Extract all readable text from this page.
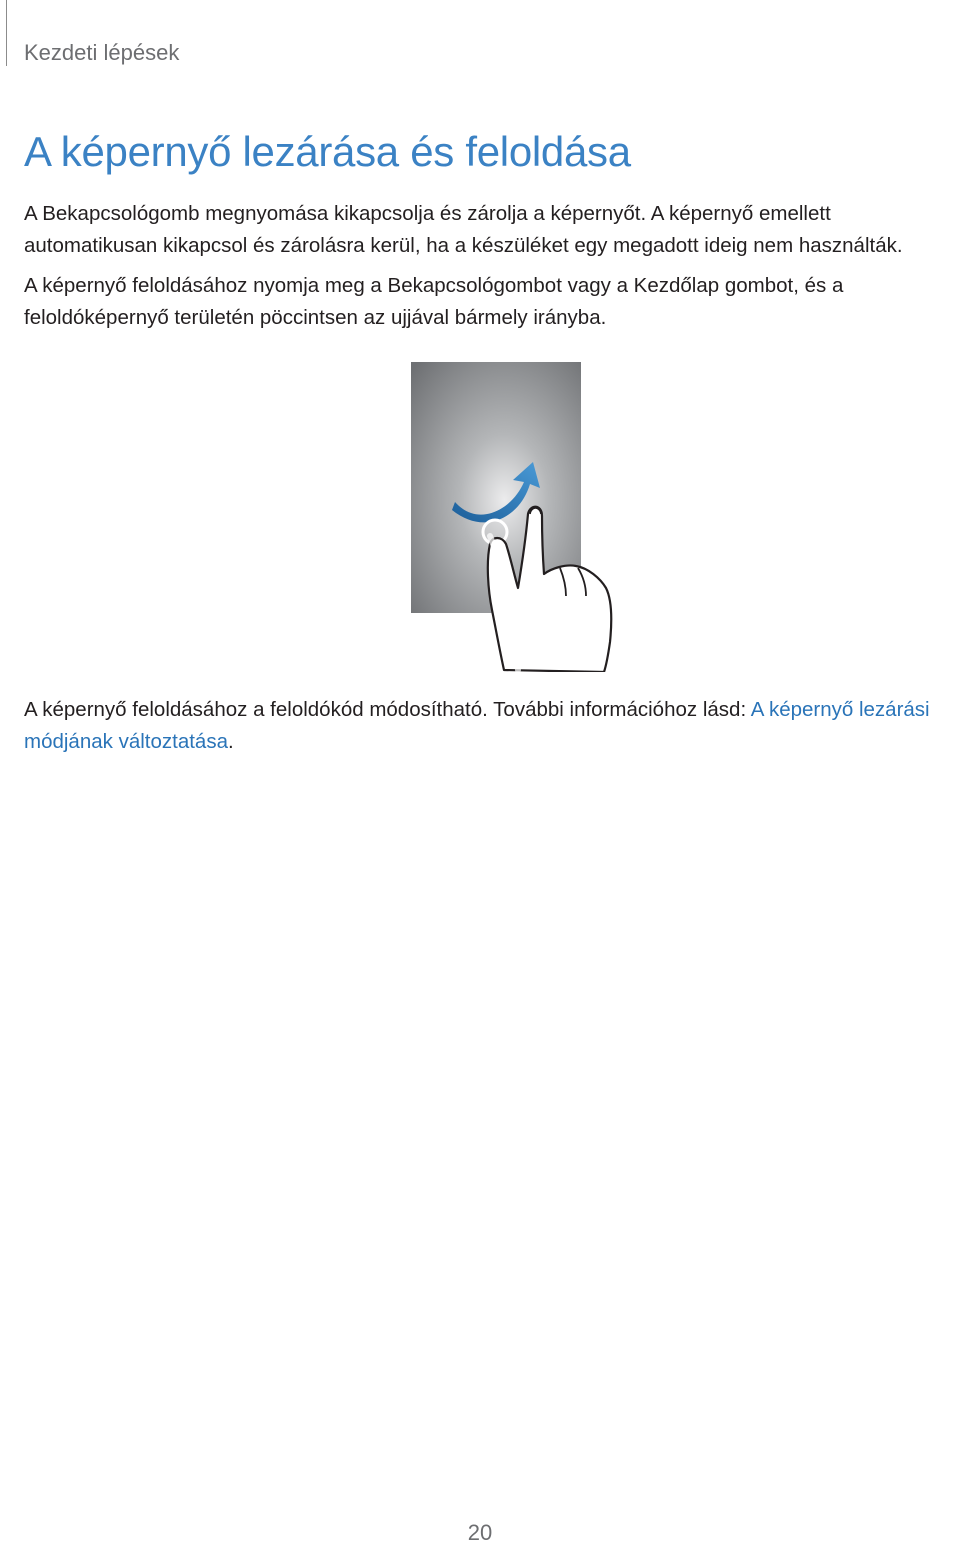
Kezdeti lépések
A képernyő lezárása és feloldása

A Bekapcsológomb megnyomása kikapcsolja és zárolja a képernyőt. A képernyő emellett automatikusan kikapcsol és zárolásra kerül, ha a készüléket egy megadott ideig nem használták.

A képernyő feloldásához nyomja meg a Bekapcsológombot vagy a Kezdőlap gombot, és a feloldóképernyő területén pöccintsen az ujjával bármely irányba.

A képernyő feloldásához a feloldókód módosítható. További információhoz lásd: A képernyő lezárási módjának változtatása.

20
